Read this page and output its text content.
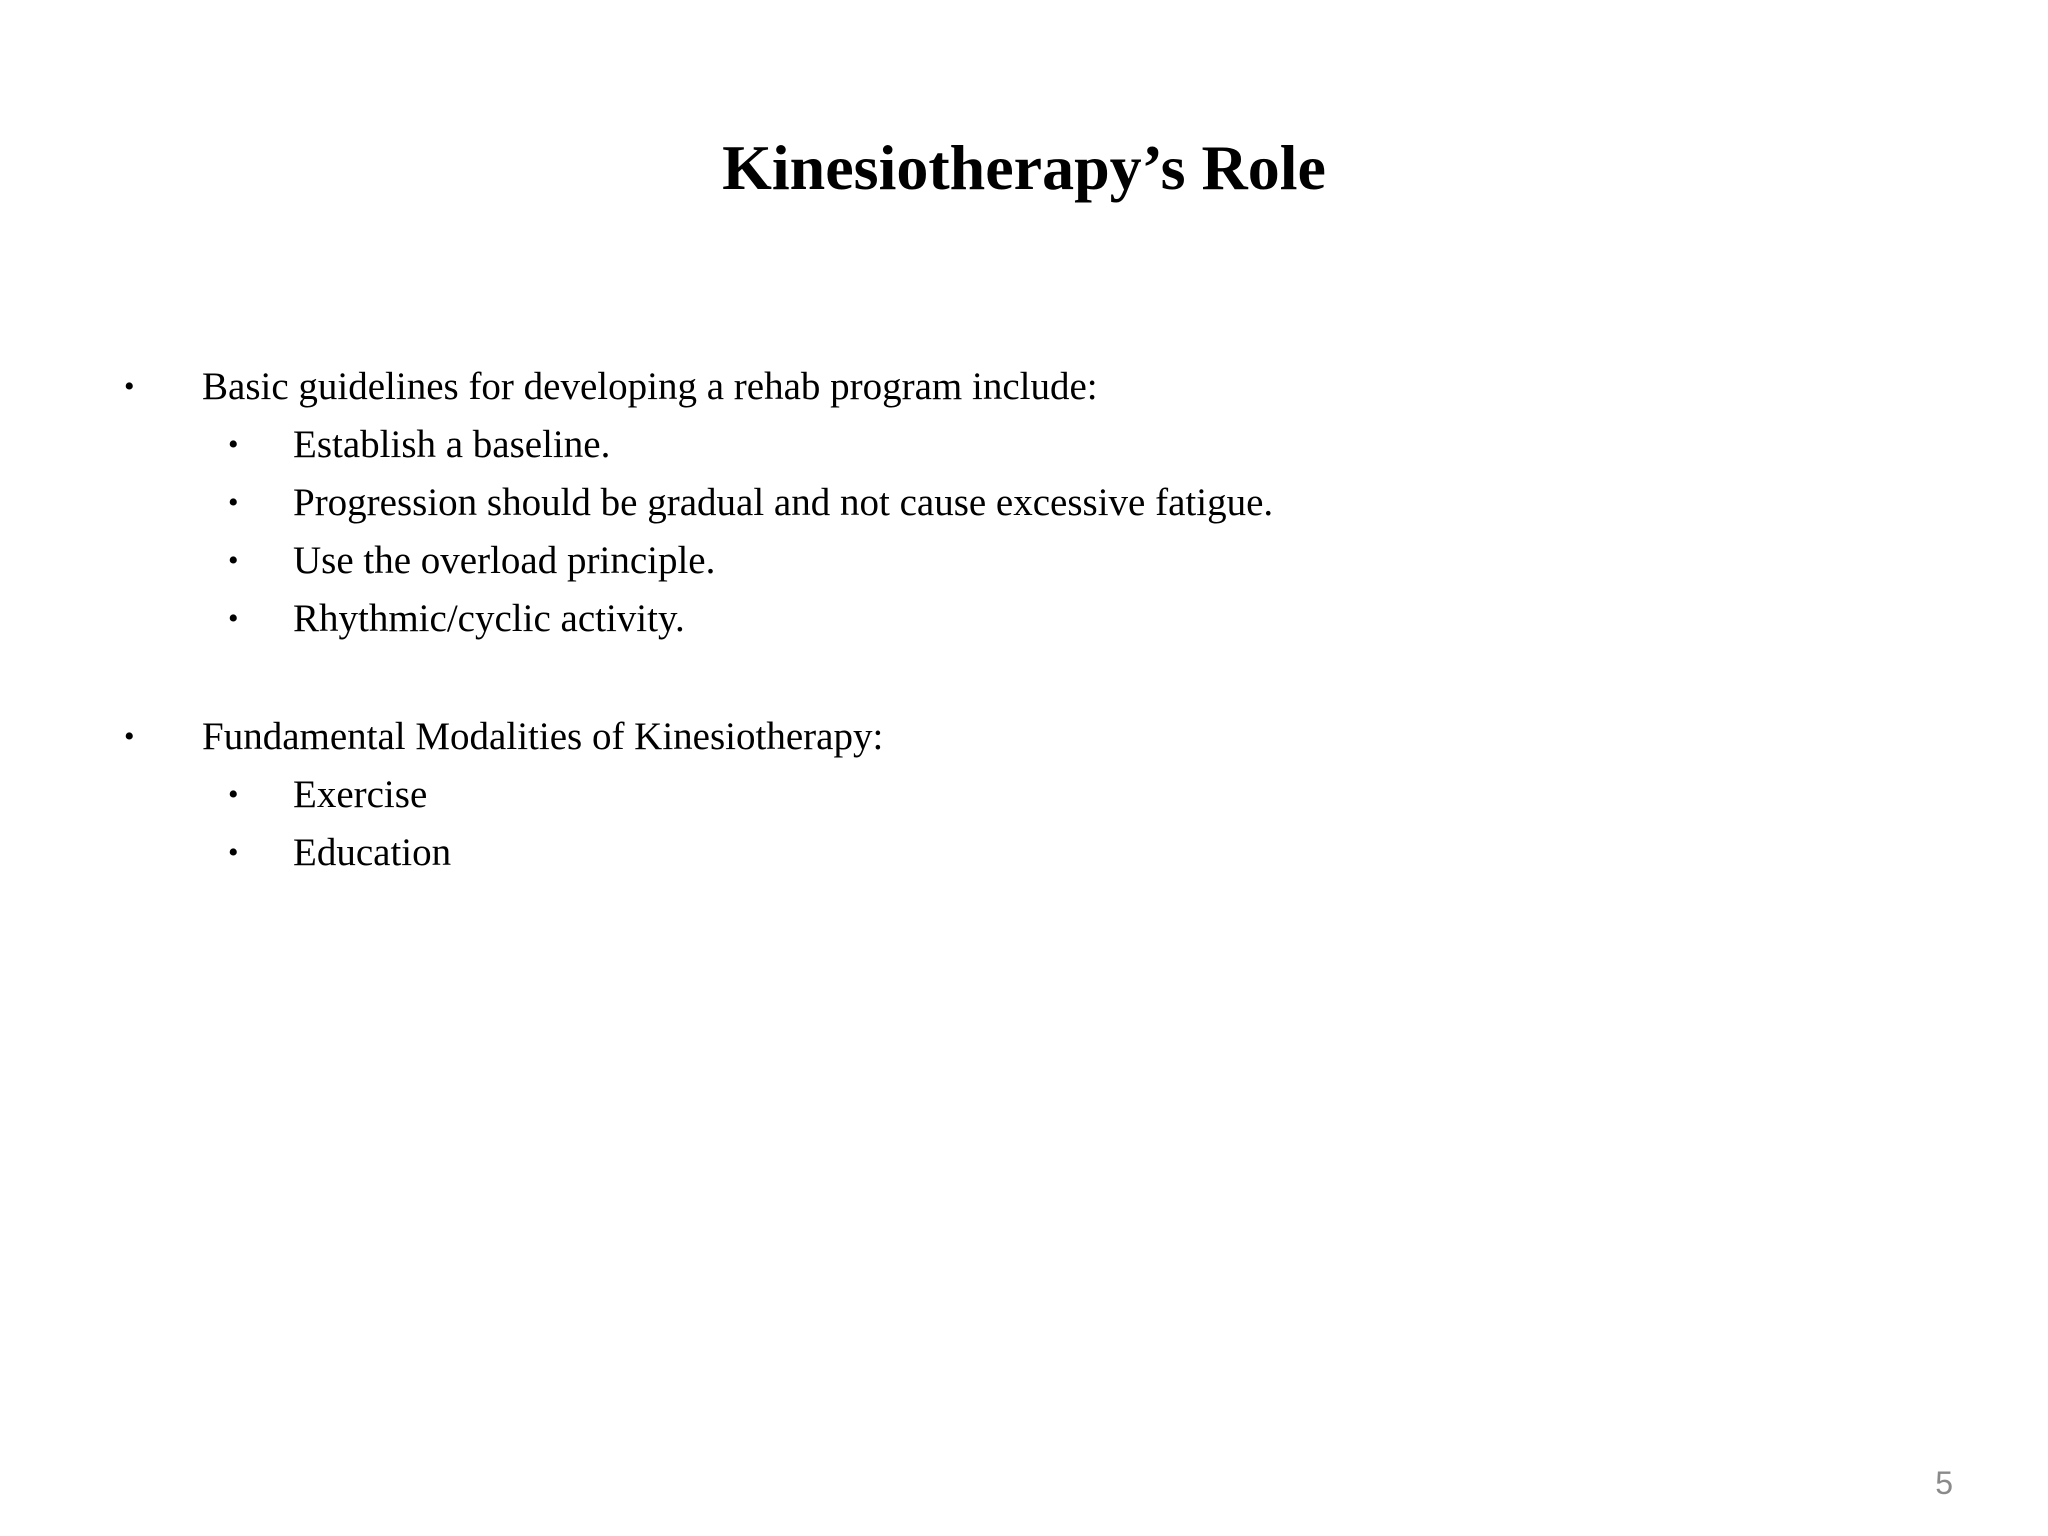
Kinesiotherapy’s Role
• Basic guidelines for developing a rehab program include:
• Establish a baseline.
• Progression should be gradual and not cause excessive fatigue.
• Use the overload principle.
• Rhythmic/cyclic activity.
• Fundamental Modalities of Kinesiotherapy:
• Exercise
• Education
5
